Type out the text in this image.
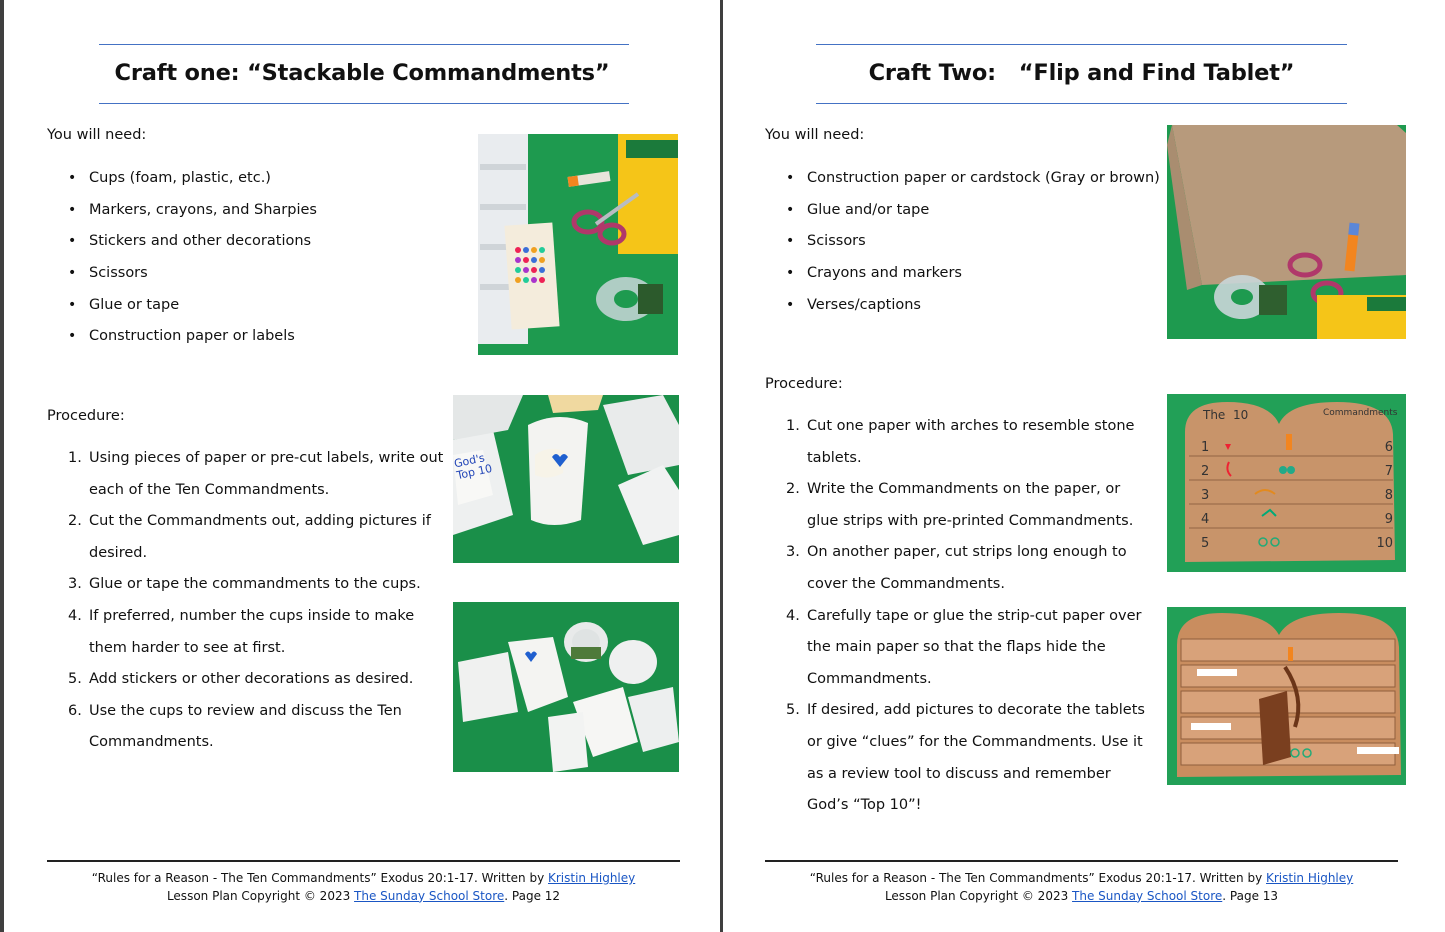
Craft one: “Stackable Commandments”
You will need:
• Cups (foam, plastic, etc.)
• Markers, crayons, and Sharpies
• Stickers and other decorations
• Scissors
• Glue or tape
• Construction paper or labels
Procedure:
1. Using pieces of paper or pre-cut labels, write out each of the Ten Commandments.
2. Cut the Commandments out, adding pictures if desired.
3. Glue or tape the commandments to the cups.
4. If preferred, number the cups inside to make them harder to see at first.
5. Add stickers or other decorations as desired.
6. Use the cups to review and discuss the Ten Commandments.
God's Top 10
“Rules for a Reason - The Ten Commandments” Exodus 20:1-17. Written by Kristin Highley
Lesson Plan Copyright © 2023 The Sunday School Store. Page 12
Craft Two:   “Flip and Find Tablet”
You will need:
• Construction paper or cardstock (Gray or brown)
• Glue and/or tape
• Scissors
• Crayons and markers
• Verses/captions
Procedure:
1. Cut one paper with arches to resemble stone tablets.
2. Write the Commandments on the paper, or glue strips with pre-printed Commandments.
3. On another paper, cut strips long enough to cover the Commandments.
4. Carefully tape or glue the strip-cut paper over the main paper so that the flaps hide the Commandments.
5. If desired, add pictures to decorate the tablets or give “clues” for the Commandments. Use it as a review tool to discuss and remember God’s “Top 10”!
The  10	Commandments
1
2
3
4
5
6
7
8
9
10
“Rules for a Reason - The Ten Commandments” Exodus 20:1-17. Written by Kristin Highley
Lesson Plan Copyright © 2023 The Sunday School Store. Page 13
